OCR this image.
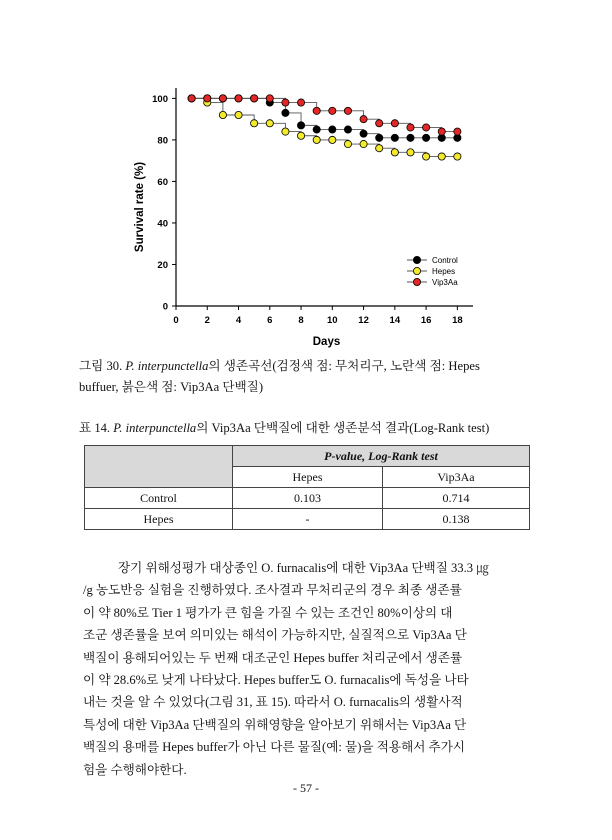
0	2	4	6	8 10 12 14 16 18
0
20
40
60
80
100
Days
Survival rate (%)
Control
Hepes
Vip3Aa
그림 30. P. interpunctella의 생존곡선(검정색 점: 무처리구, 노란색 점: Hepes
buffuer, 붉은색 점: Vip3Aa 단백질)
표 14. P. interpunctella의 Vip3Aa 단백질에 대한 생존분석 결과(Log-Rank test)
	P-value, Log-Rank test	
	Hepes	Vip3Aa
Control	0.103	0.714
Hepes	-	0.138
장기 위해성평가 대상종인 O. furnacalis에 대한 Vip3Aa 단백질 33.3 ㎍
/g 농도반응 실험을 진행하였다. 조사결과 무처리군의 경우 최종 생존률
이 약 80%로 Tier 1 평가가 큰 힘을 가질 수 있는 조건인 80%이상의 대
조군 생존률을 보여 의미있는 해석이 가능하지만, 실질적으로 Vip3Aa 단
백질이 용해되어있는 두 번째 대조군인 Hepes buffer 처리군에서 생존률
이 약 28.6%로 낮게 나타났다. Hepes buffer도 O. furnacalis에 독성을 나타
내는 것을 알 수 있었다(그림 31, 표 15). 따라서 O. furnacalis의 생활사적
특성에 대한 Vip3Aa 단백질의 위해영향을 알아보기 위해서는 Vip3Aa 단
백질의 용매를 Hepes buffer가 아닌 다른 물질(예: 물)을 적용해서 추가시
험을 수행해야한다.
- 57 -
